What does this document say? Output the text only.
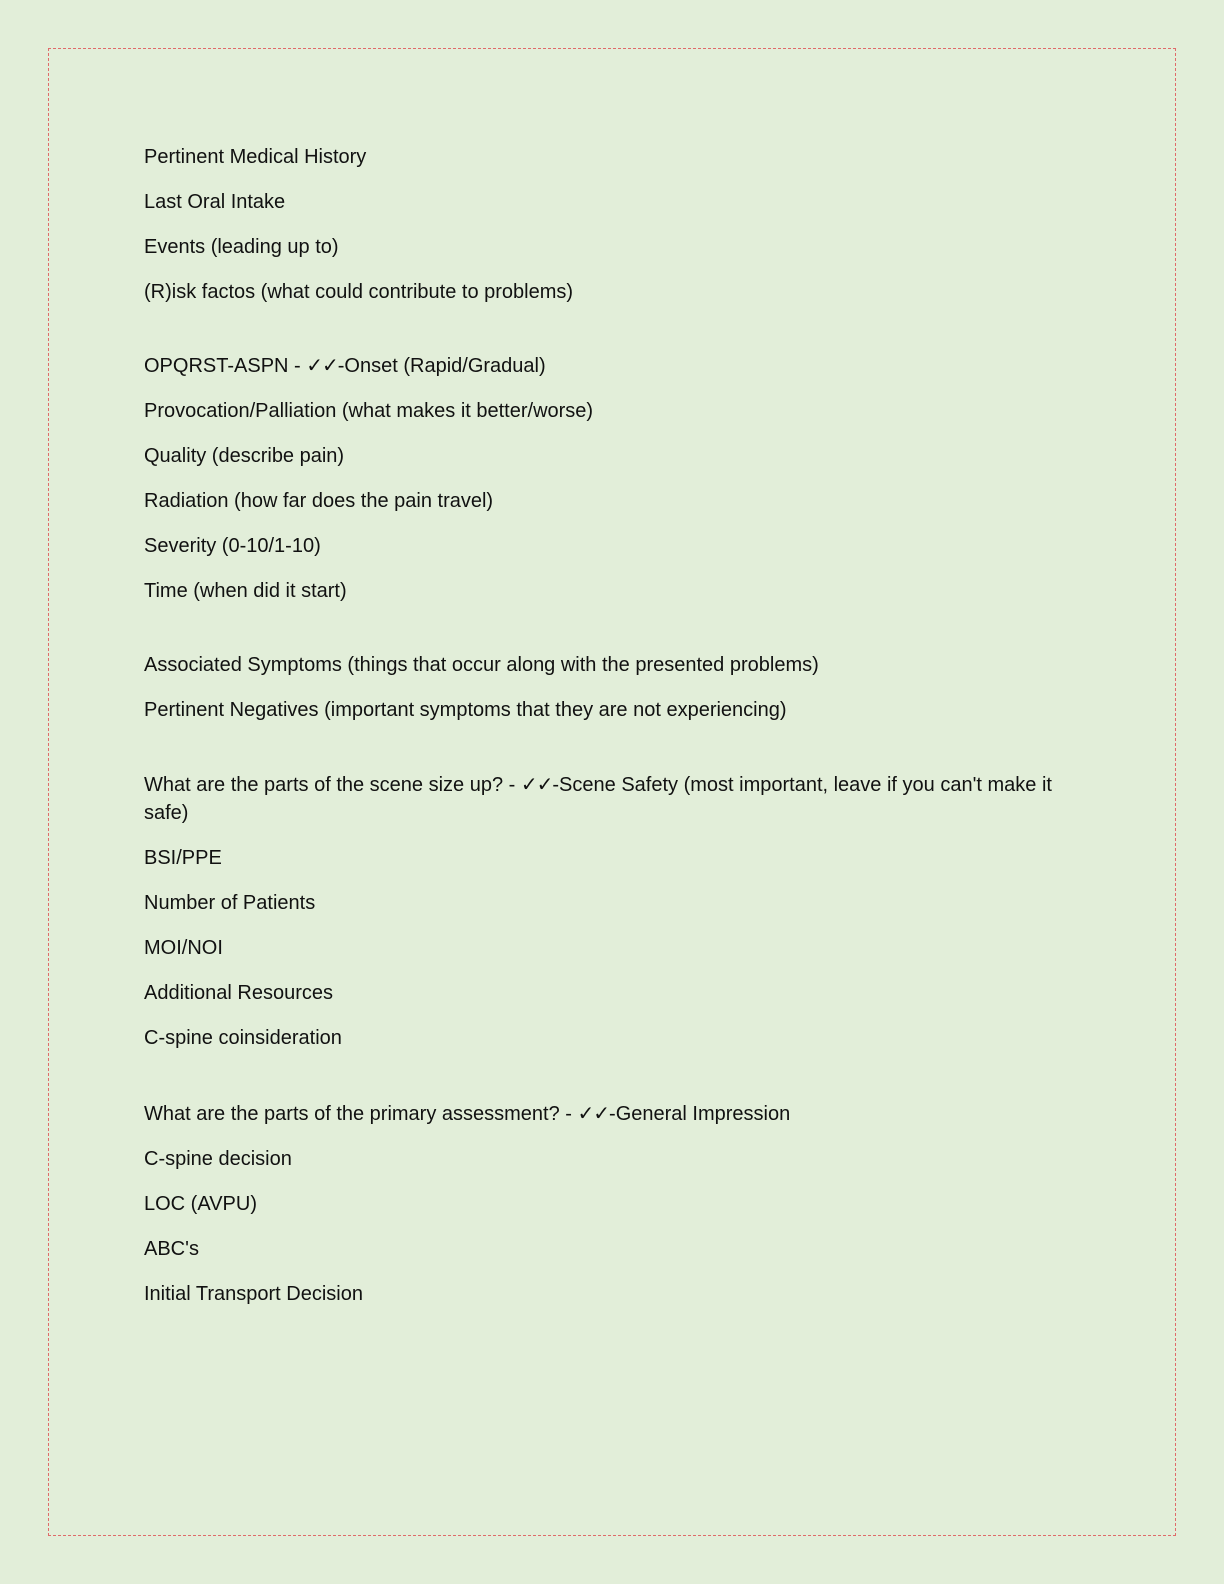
Pertinent Medical History
Last Oral Intake
Events (leading up to)
(R)isk factos (what could contribute to problems)
OPQRST-ASPN - ✓✓-Onset (Rapid/Gradual)
Provocation/Palliation (what makes it better/worse)
Quality (describe pain)
Radiation (how far does the pain travel)
Severity (0-10/1-10)
Time (when did it start)
Associated Symptoms (things that occur along with the presented problems)
Pertinent Negatives (important symptoms that they are not experiencing)
What are the parts of the scene size up? - ✓✓-Scene Safety (most important, leave if you can't make it safe)
BSI/PPE
Number of Patients
MOI/NOI
Additional Resources
C-spine coinsideration
What are the parts of the primary assessment? - ✓✓-General Impression
C-spine decision
LOC (AVPU)
ABC's
Initial Transport Decision
